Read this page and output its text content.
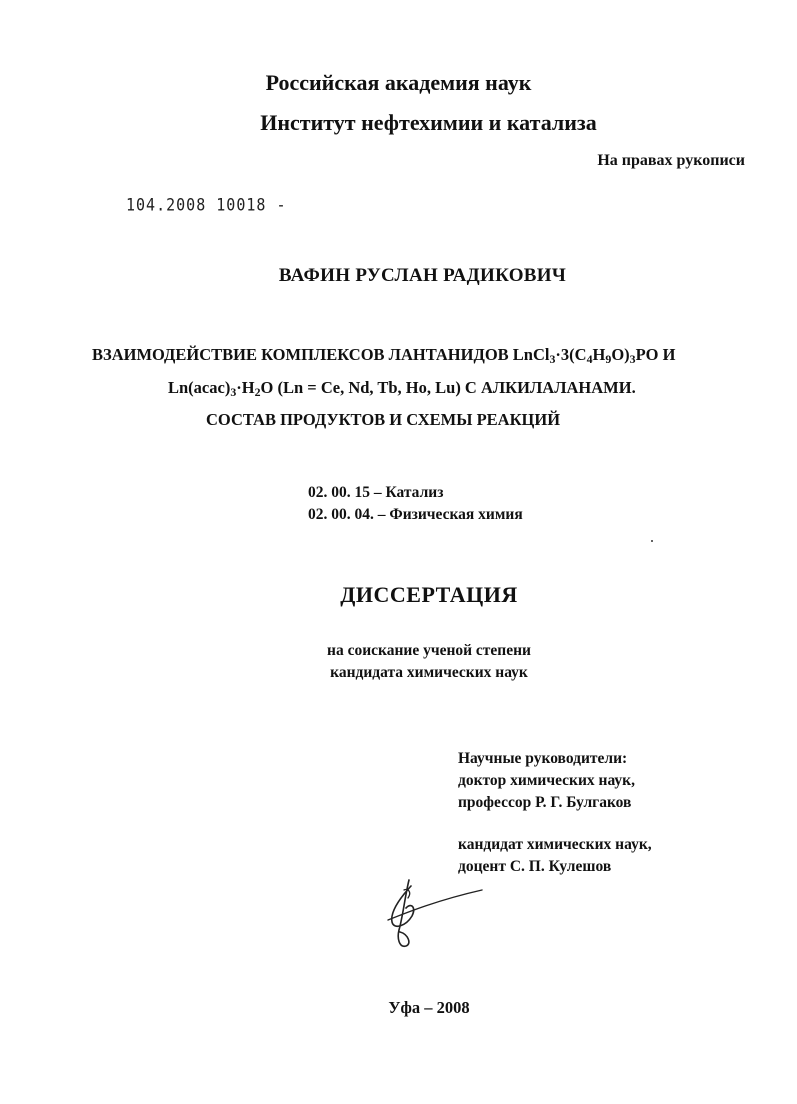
Российская академия наук
Институт нефтехимии и катализа
На правах рукописи
104.2008 10018 -
ВАФИН РУСЛАН РАДИКОВИЧ
ВЗАИМОДЕЙСТВИЕ КОМПЛЕКСОВ ЛАНТАНИДОВ $LnCl_3\cdot 3(C_4H_9O)_3PO$ И
$Ln(acac)_3\cdot H_2O$ (Ln = Ce, Nd, Tb, Ho, Lu) С АЛКИЛАЛАНАМИ.
СОСТАВ ПРОДУКТОВ И СХЕМЫ РЕАКЦИЙ
02. 00. 15 – Катализ
02. 00. 04. – Физическая химия
ДИССЕРТАЦИЯ
на соискание ученой степени
кандидата химических наук
Научные руководители:
доктор химических наук,
профессор Р. Г. Булгаков
кандидат химических наук,
доцент С. П. Кулешов
Уфа – 2008
